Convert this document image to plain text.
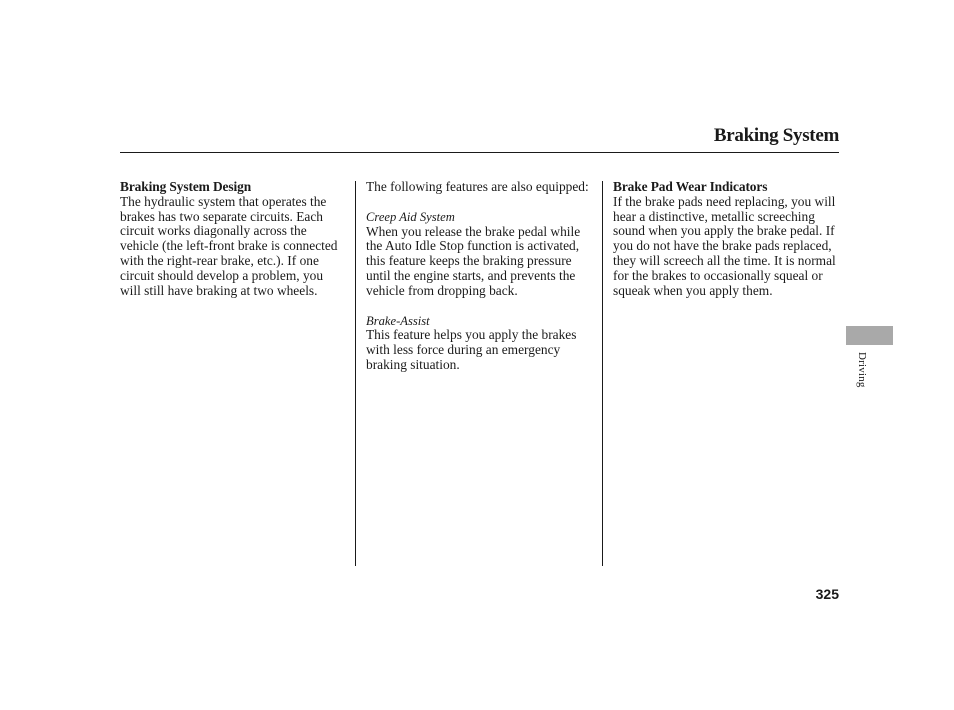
Braking System

Braking System Design

The hydraulic system that operates the brakes has two separate circuits. Each circuit works diagonally across the vehicle (the left-front brake is connected with the right-rear brake, etc.). If one circuit should develop a problem, you will still have braking at two wheels.

The following features are also equipped:

Creep Aid System

When you release the brake pedal while the Auto Idle Stop function is activated, this feature keeps the braking pressure until the engine starts, and prevents the vehicle from dropping back.

Brake-Assist

This feature helps you apply the brakes with less force during an emergency braking situation.

Brake Pad Wear Indicators

If the brake pads need replacing, you will hear a distinctive, metallic screeching sound when you apply the brake pedal. If you do not have the brake pads replaced, they will screech all the time. It is normal for the brakes to occasionally squeal or squeak when you apply them.

Driving
325
